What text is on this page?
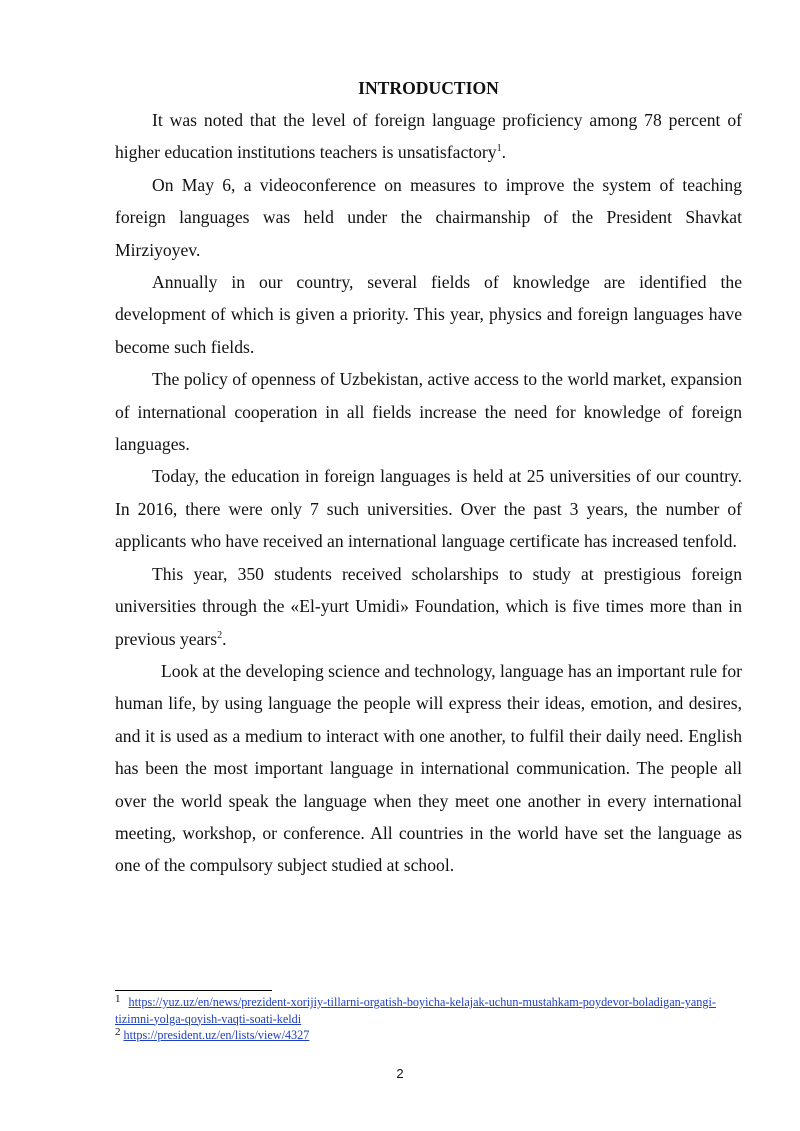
INTRODUCTION

It was noted that the level of foreign language proficiency among 78 percent of higher education institutions teachers is unsatisfactory$^1$.

On May 6, a videoconference on measures to improve the system of teaching foreign languages was held under the chairmanship of the President Shavkat Mirziyoyev.

Annually in our country, several fields of knowledge are identified the development of which is given a priority. This year, physics and foreign languages have become such fields.

The policy of openness of Uzbekistan, active access to the world market, expansion of international cooperation in all fields increase the need for knowledge of foreign languages.

Today, the education in foreign languages is held at 25 universities of our country. In 2016, there were only 7 such universities. Over the past 3 years, the number of applicants who have received an international language certificate has increased tenfold.

This year, 350 students received scholarships to study at prestigious foreign universities through the «El-yurt Umidi» Foundation, which is five times more than in previous years$^2$.

Look at the developing science and technology, language has an important rule for human life, by using language the people will express their ideas, emotion, and desires, and it is used as a medium to interact with one another, to fulfil their daily need. English has been the most important language in international communication. The people all over the world speak the language when they meet one another in every international meeting, workshop, or conference. All countries in the world have set the language as one of the compulsory subject studied at school.

1 https://yuz.uz/en/news/prezident-xorijiy-tillarni-orgatish-boyicha-kelajak-uchun-mustahkam-poydevor-boladigan-yangi-tizimni-yolga-qoyish-vaqti-soati-keldi

2 https://president.uz/en/lists/view/4327

2
